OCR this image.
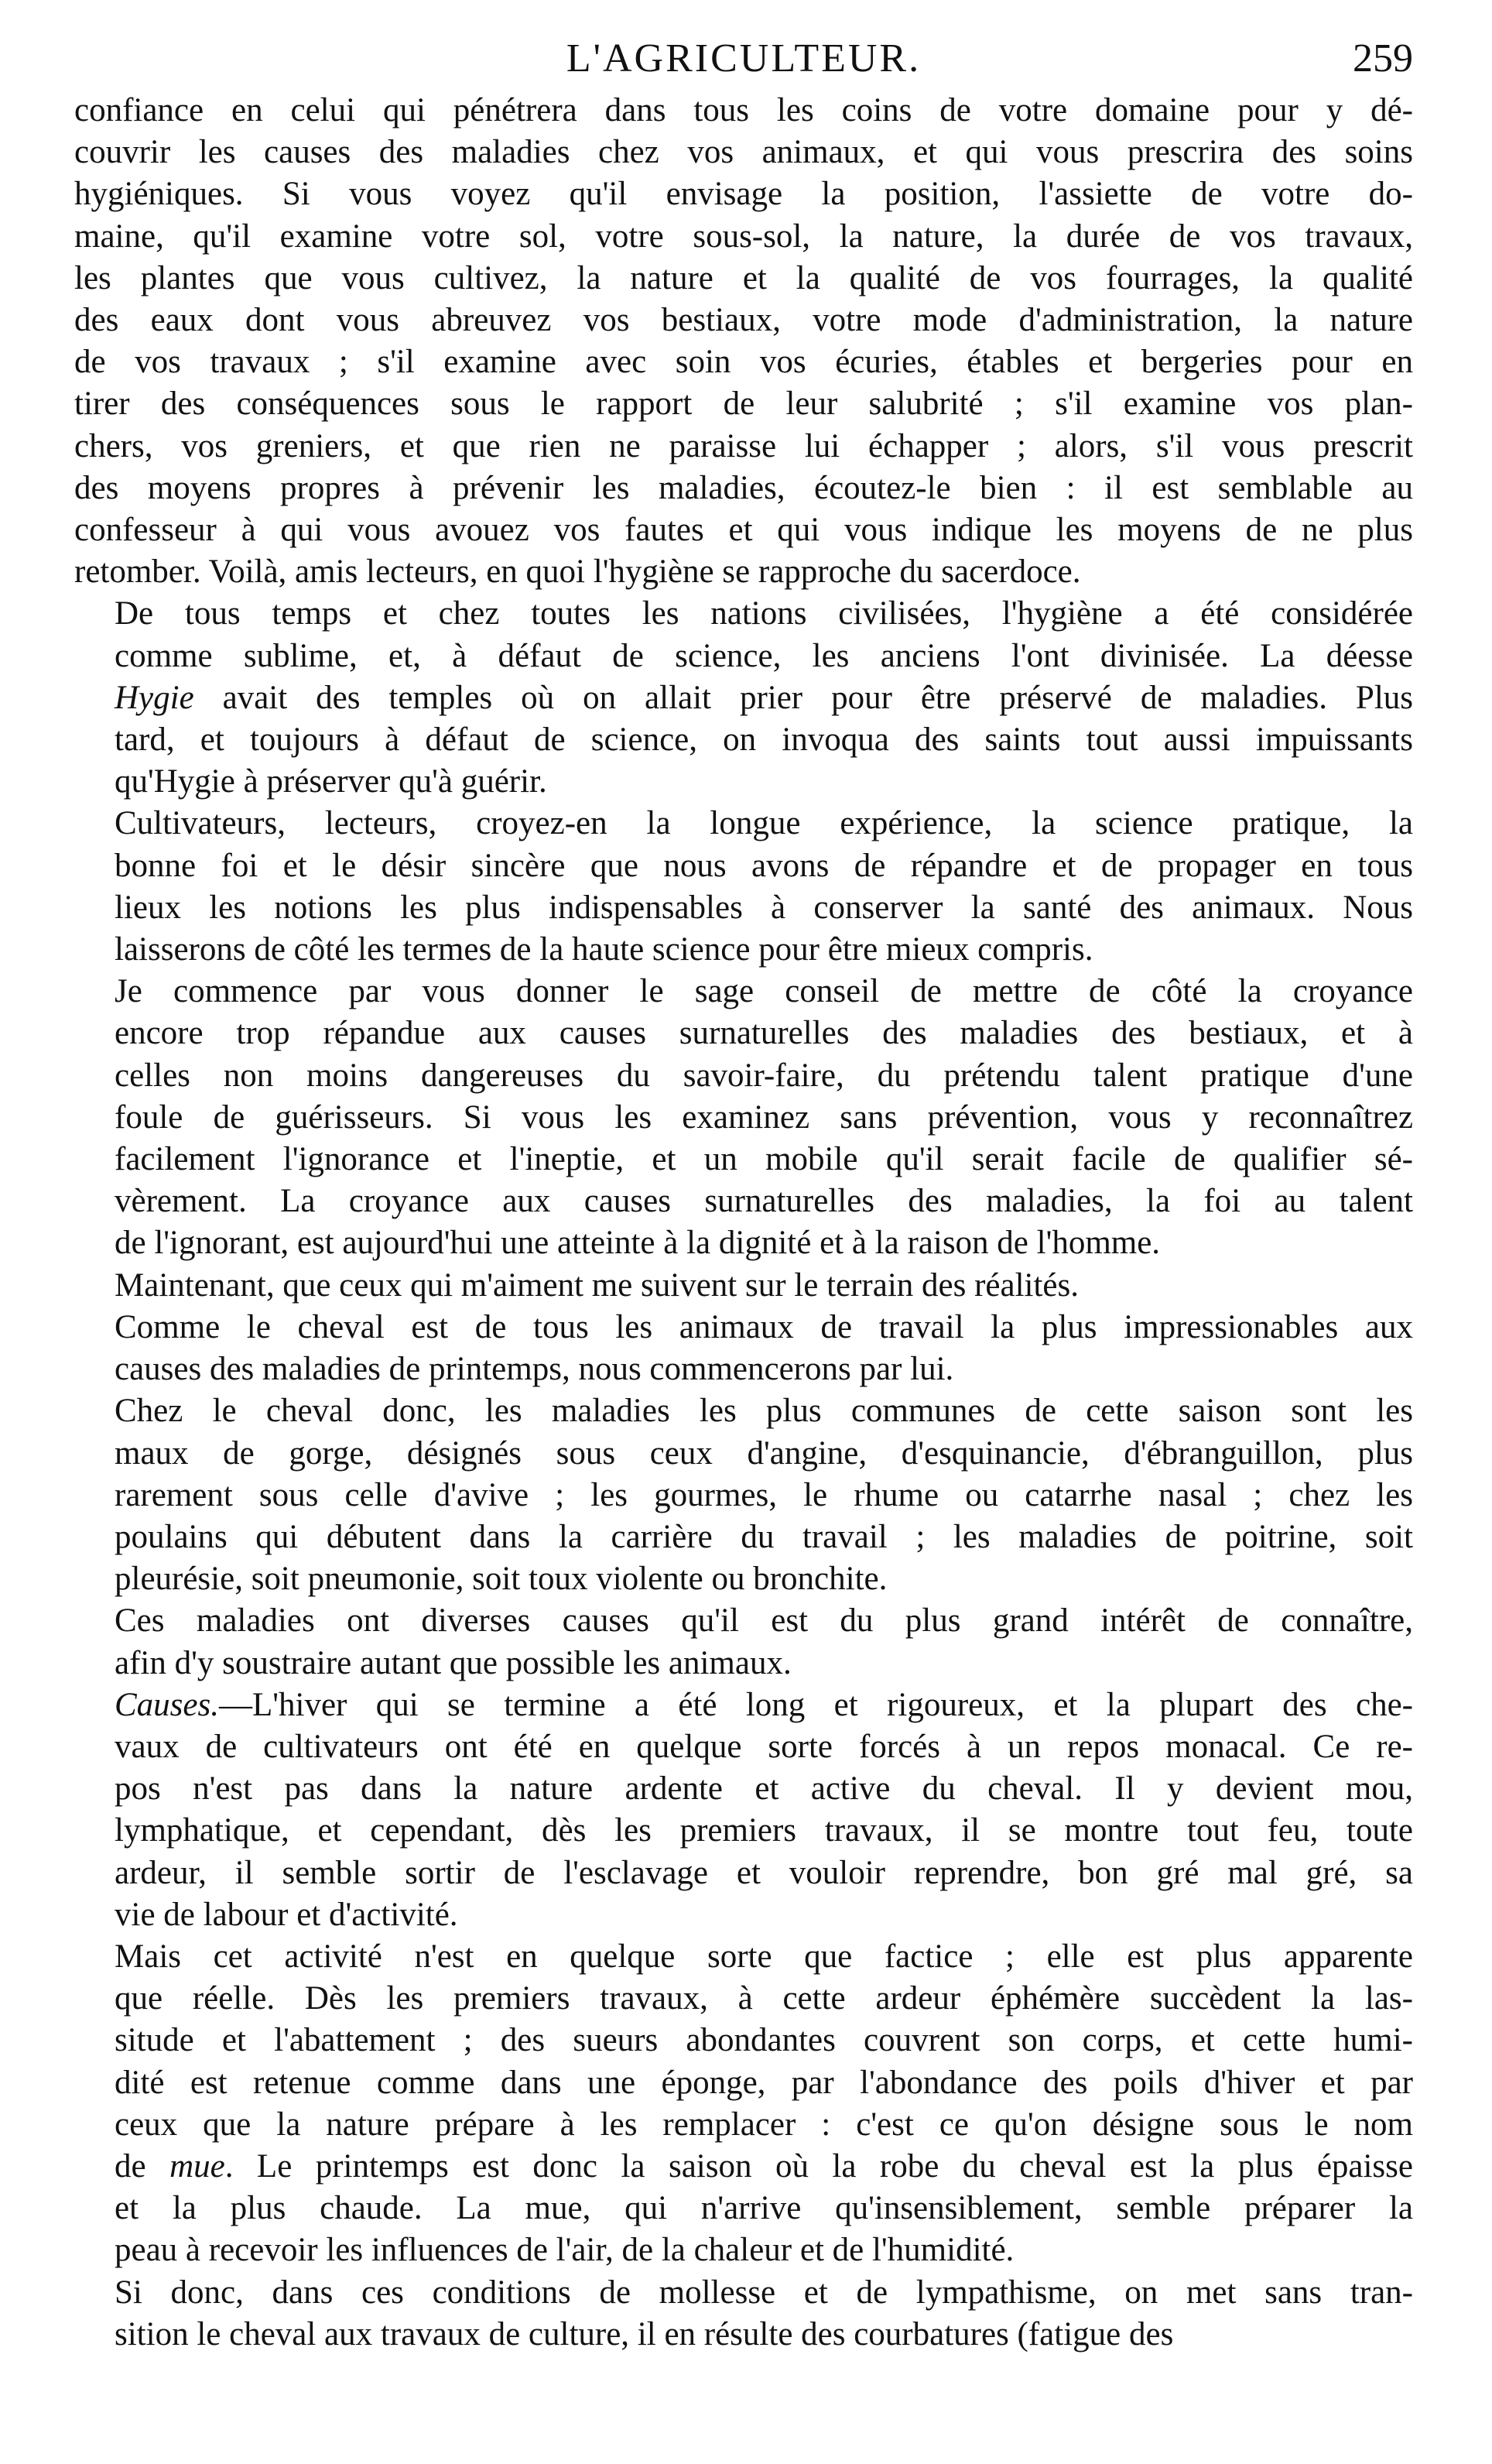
L'AGRICULTEUR.	259
confiance en celui qui pénétrera dans tous les coins de votre domaine pour y dé-
couvrir les causes des maladies chez vos animaux, et qui vous prescrira des soins
hygiéniques. Si vous voyez qu'il envisage la position, l'assiette de votre do-
maine, qu'il examine votre sol, votre sous-sol, la nature, la durée de vos travaux,
les plantes que vous cultivez, la nature et la qualité de vos fourrages, la qualité
des eaux dont vous abreuvez vos bestiaux, votre mode d'administration, la nature
de vos travaux ; s'il examine avec soin vos écuries, étables et bergeries pour en
tirer des conséquences sous le rapport de leur salubrité ; s'il examine vos plan-
chers, vos greniers, et que rien ne paraisse lui échapper ; alors, s'il vous prescrit
des moyens propres à prévenir les maladies, écoutez-le bien : il est semblable au
confesseur à qui vous avouez vos fautes et qui vous indique les moyens de ne plus
retomber. Voilà, amis lecteurs, en quoi l'hygiène se rapproche du sacerdoce.
De tous temps et chez toutes les nations civilisées, l'hygiène a été considérée
comme sublime, et, à défaut de science, les anciens l'ont divinisée. La déesse
Hygie avait des temples où on allait prier pour être préservé de maladies. Plus
tard, et toujours à défaut de science, on invoqua des saints tout aussi impuissants
qu'Hygie à préserver qu'à guérir.
Cultivateurs, lecteurs, croyez-en la longue expérience, la science pratique, la
bonne foi et le désir sincère que nous avons de répandre et de propager en tous
lieux les notions les plus indispensables à conserver la santé des animaux. Nous
laisserons de côté les termes de la haute science pour être mieux compris.
Je commence par vous donner le sage conseil de mettre de côté la croyance
encore trop répandue aux causes surnaturelles des maladies des bestiaux, et à
celles non moins dangereuses du savoir-faire, du prétendu talent pratique d'une
foule de guérisseurs. Si vous les examinez sans prévention, vous y reconnaîtrez
facilement l'ignorance et l'ineptie, et un mobile qu'il serait facile de qualifier sé-
vèrement. La croyance aux causes surnaturelles des maladies, la foi au talent
de l'ignorant, est aujourd'hui une atteinte à la dignité et à la raison de l'homme.
Maintenant, que ceux qui m'aiment me suivent sur le terrain des réalités.
Comme le cheval est de tous les animaux de travail la plus impressionables aux
causes des maladies de printemps, nous commencerons par lui.
Chez le cheval donc, les maladies les plus communes de cette saison sont les
maux de gorge, désignés sous ceux d'angine, d'esquinancie, d'ébranguillon, plus
rarement sous celle d'avive ; les gourmes, le rhume ou catarrhe nasal ; chez les
poulains qui débutent dans la carrière du travail ; les maladies de poitrine, soit
pleurésie, soit pneumonie, soit toux violente ou bronchite.
Ces maladies ont diverses causes qu'il est du plus grand intérêt de connaître,
afin d'y soustraire autant que possible les animaux.
Causes.—L'hiver qui se termine a été long et rigoureux, et la plupart des che-
vaux de cultivateurs ont été en quelque sorte forcés à un repos monacal. Ce re-
pos n'est pas dans la nature ardente et active du cheval. Il y devient mou,
lymphatique, et cependant, dès les premiers travaux, il se montre tout feu, toute
ardeur, il semble sortir de l'esclavage et vouloir reprendre, bon gré mal gré, sa
vie de labour et d'activité.
Mais cet activité n'est en quelque sorte que factice ; elle est plus apparente
que réelle. Dès les premiers travaux, à cette ardeur éphémère succèdent la las-
situde et l'abattement ; des sueurs abondantes couvrent son corps, et cette humi-
dité est retenue comme dans une éponge, par l'abondance des poils d'hiver et par
ceux que la nature prépare à les remplacer : c'est ce qu'on désigne sous le nom
de mue. Le printemps est donc la saison où la robe du cheval est la plus épaisse
et la plus chaude. La mue, qui n'arrive qu'insensiblement, semble préparer la
peau à recevoir les influences de l'air, de la chaleur et de l'humidité.
Si donc, dans ces conditions de mollesse et de lympathisme, on met sans tran-
sition le cheval aux travaux de culture, il en résulte des courbatures (fatigue des
